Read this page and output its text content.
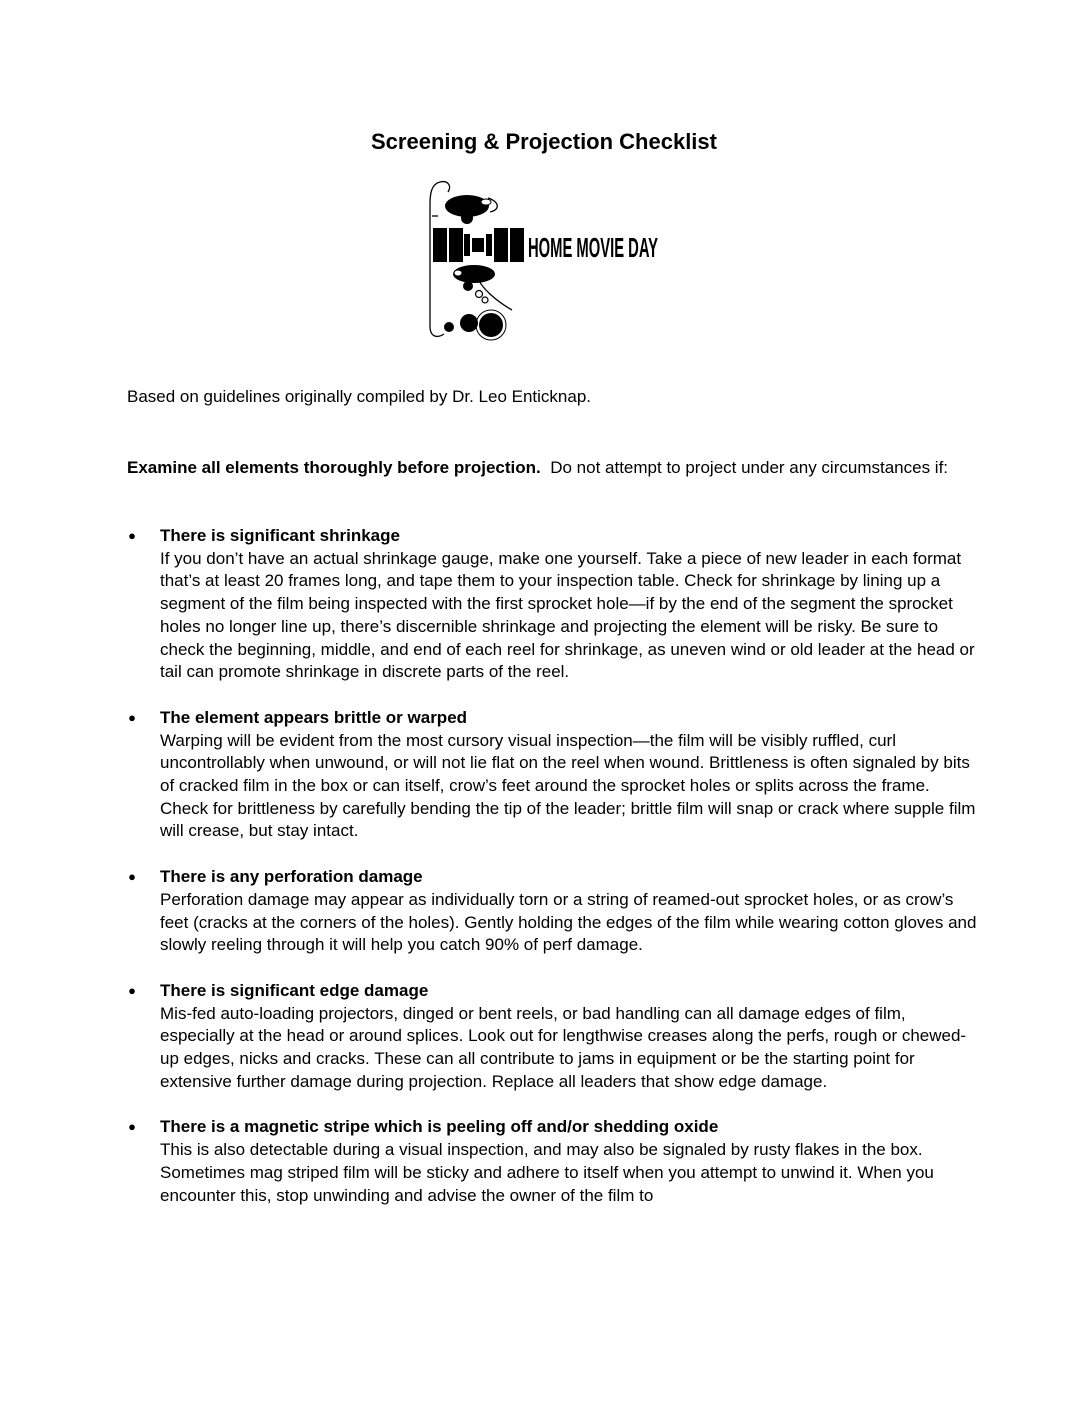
Screening & Projection Checklist
HOME MOVIE DAY

Based on guidelines originally compiled by Dr. Leo Enticknap.

Examine all elements thoroughly before projection.  Do not attempt to project under any circumstances if:

● There is significant shrinkage
If you don’t have an actual shrinkage gauge, make one yourself. Take a piece of new leader in each format that’s at least 20 frames long, and tape them to your inspection table. Check for shrinkage by lining up a segment of the film being inspected with the first sprocket hole—if by the end of the segment the sprocket holes no longer line up, there’s discernible shrinkage and projecting the element will be risky. Be sure to check the beginning, middle, and end of each reel for shrinkage, as uneven wind or old leader at the head or tail can promote shrinkage in discrete parts of the reel.
● The element appears brittle or warped
Warping will be evident from the most cursory visual inspection—the film will be visibly ruffled, curl uncontrollably when unwound, or will not lie flat on the reel when wound. Brittleness is often signaled by bits of cracked film in the box or can itself, crow’s feet around the sprocket holes or splits across the frame. Check for brittleness by carefully bending the tip of the leader; brittle film will snap or crack where supple film will crease, but stay intact.
● There is any perforation damage
Perforation damage may appear as individually torn or a string of reamed-out sprocket holes, or as crow’s feet (cracks at the corners of the holes). Gently holding the edges of the film while wearing cotton gloves and slowly reeling through it will help you catch 90% of perf damage.
● There is significant edge damage
Mis-fed auto-loading projectors, dinged or bent reels, or bad handling can all damage edges of film, especially at the head or around splices. Look out for lengthwise creases along the perfs, rough or chewed-up edges, nicks and cracks. These can all contribute to jams in equipment or be the starting point for extensive further damage during projection. Replace all leaders that show edge damage.
● There is a magnetic stripe which is peeling off and/or shedding oxide
This is also detectable during a visual inspection, and may also be signaled by rusty flakes in the box. Sometimes mag striped film will be sticky and adhere to itself when you attempt to unwind it. When you encounter this, stop unwinding and advise the owner of the film to
